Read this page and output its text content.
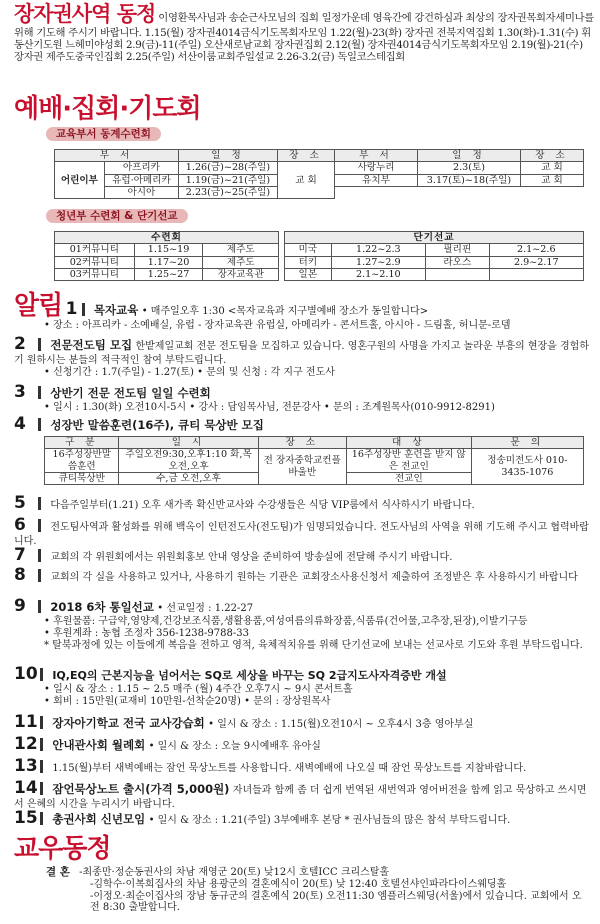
장자권사역 동정 이영환목사님과 송순근사모님의 집회 일정가운데 영육간에 강건하심과 최상의 장자권목회자세미나를 위해 기도해 주시기 바랍니다. 1.15(월) 장자권4014금식기도목회자모임 1.22(월)-23(화) 장자권 전북지역집회 1.30(화)-1.31(수) 휘동산기도원 느헤미야성회 2.9(금)-11(주일) 오산새로남교회 장자권집회 2.12(월) 장자권4014금식기도목회자모임 2.19(월)-21(수) 장자권 제주도중국인집회 2.25(주일) 서산이룸교회주일설교 2.26-3.2(금) 독일코스테집회
예배·집회·기도회
교육부서 동계수련회
부 서		일 정	장 소	부 서	일 정	장 소
어린이부	아프리카	1.26(금)~28(주일)	교 회	사랑누리	2.3(토)	교 회
	유럽·아메리카	1.19(금)~21(주일)		유치부	3.17(토)~18(주일)	교 회
	아시아	2.23(금)~25(주일)				
청년부 수련회 & 단기선교
수련회		
01커뮤니티	1.15~19	제주도
02커뮤니티	1.17~20	제주도
03커뮤니티	1.25~27	장자교육관
단기선교			
미국	1.22~2.3	필리핀	2.1~2.6
터키	1.27~2.9	라오스	2.9~2.17
일본	2.1~2.10		
알림 1 목자교육 • 매주일오후 1:30 <목자교육과 지구별예배 장소가 동일합니다>
• 장소 : 아프리카 - 소예배실, 유럽 - 장자교육관 유럽실, 아메리카 - 콘서트홀, 아시아 - 드림홀, 허니문-로뎀
2 전문전도팀 모집 한밭제일교회 전문 전도팀을 모집하고 있습니다. 영혼구원의 사명을 가지고 놀라운 부흥의 현장을 경험하기 원하시는 분들의 적극적인 참여 부탁드립니다.
• 신청기간 : 1.7(주일) - 1.27(토) • 문의 및 신청 : 각 지구 전도사
3 상반기 전문 전도팀 일일 수련회
• 일시 : 1.30(화) 오전10시-5시 • 강사 : 담임목사님, 전문강사 • 문의 : 조계원목사(010-9912-8291)
4 성장반 말씀훈련(16주), 큐티 묵상반 모집
구 분	일 시	장 소	대 상	문 의
16주성장반말씀훈련	주일오전9:30,오후1:10 화,목 오전,오후	전 장자중학교컨플바울반	16주성장반 훈련을 받지 않은 전교인	정송미전도사 010-3435-1076
큐티묵상반	수,금 오전,오후		전교인	
5 다음주일부터(1.21) 오후 새가족 확신반교사와 수강생들은 식당 VIP룸에서 식사하시기 바랍니다.
6 전도팀사역과 활성화를 위해 백옥이 인턴전도사(전도팀)가 임명되었습니다. 전도사님의 사역을 위해 기도해 주시고 협력바랍니다.
7 교회의 각 위원회에서는 위원회홍보 안내 영상을 준비하여 방송실에 전달해 주시기 바랍니다.
8 교회의 각 실을 사용하고 있거나, 사용하기 원하는 기관은 교회장소사용신청서 제출하여 조정받은 후 사용하시기 바랍니다
9 2018 6차 통일선교 • 선교일정 : 1.22-27
• 후원물품: 구급약,영양제,건강보조식품,생활용품,여성여름의류화장품,식품류(건어물,고추장,된장),이발기구등
• 후원계좌 : 농협 조정자 356-1238-9788-33
* 탈북과정에 있는 이들에게 복음을 전하고 영적, 육체적치유를 위해 단기선교에 보내는 선교사로 기도와 후원 부탁드립니다.
10 IQ,EQ의 근본지능을 넘어서는 SQ로 세상을 바꾸는 SQ 2급지도사자격증반 개설
• 일시 & 장소 : 1.15 ~ 2.5 매주 (월) 4주간 오후7시 ~ 9시 콘서트홀
• 회비 : 15만원(교재비 10만원-선착순20명) • 문의 : 장상원목사
11 장자아기학교 전국 교사강습회 • 일시 & 장소 : 1.15(월)오전10시 ~ 오후4시 3층 영아부실
12 안내관사회 월례회 • 일시 & 장소 : 오늘 9시예배후 유아실
13 1.15(월)부터 새벽예배는 잠언 묵상노트를 사용합니다. 새벽예배에 나오실 때 잠언 묵상노트를 지참바랍니다.
14 잠언묵상노트 출시(가격 5,000원) 자녀들과 함께 좀 더 쉽게 번역된 새번역과 영어버전을 함께 읽고 묵상하고 쓰시면서 은혜의 시간을 누리시기 바랍니다.
15 총권사회 신년모임 • 일시 & 장소 : 1.21(주일) 3부예배후 본당 * 권사님들의 많은 참석 부탁드립니다.
교우동정
결 혼 -최종만·정순동권사의 차남 재영군 20(토) 낮12시 호텔ICC 크리스탈홀
-김학수·이복희집사의 차남 용광군의 결혼예식이 20(토) 낮 12:40 호텔선샤인파라다이스웨딩홀
-이정오·최순이집사의 장남 동규군의 결혼예식 20(토) 오전11:30 엠플러스웨딩(서울)에서 있습니다. 교회에서 오전 8:30 출발합니다.
